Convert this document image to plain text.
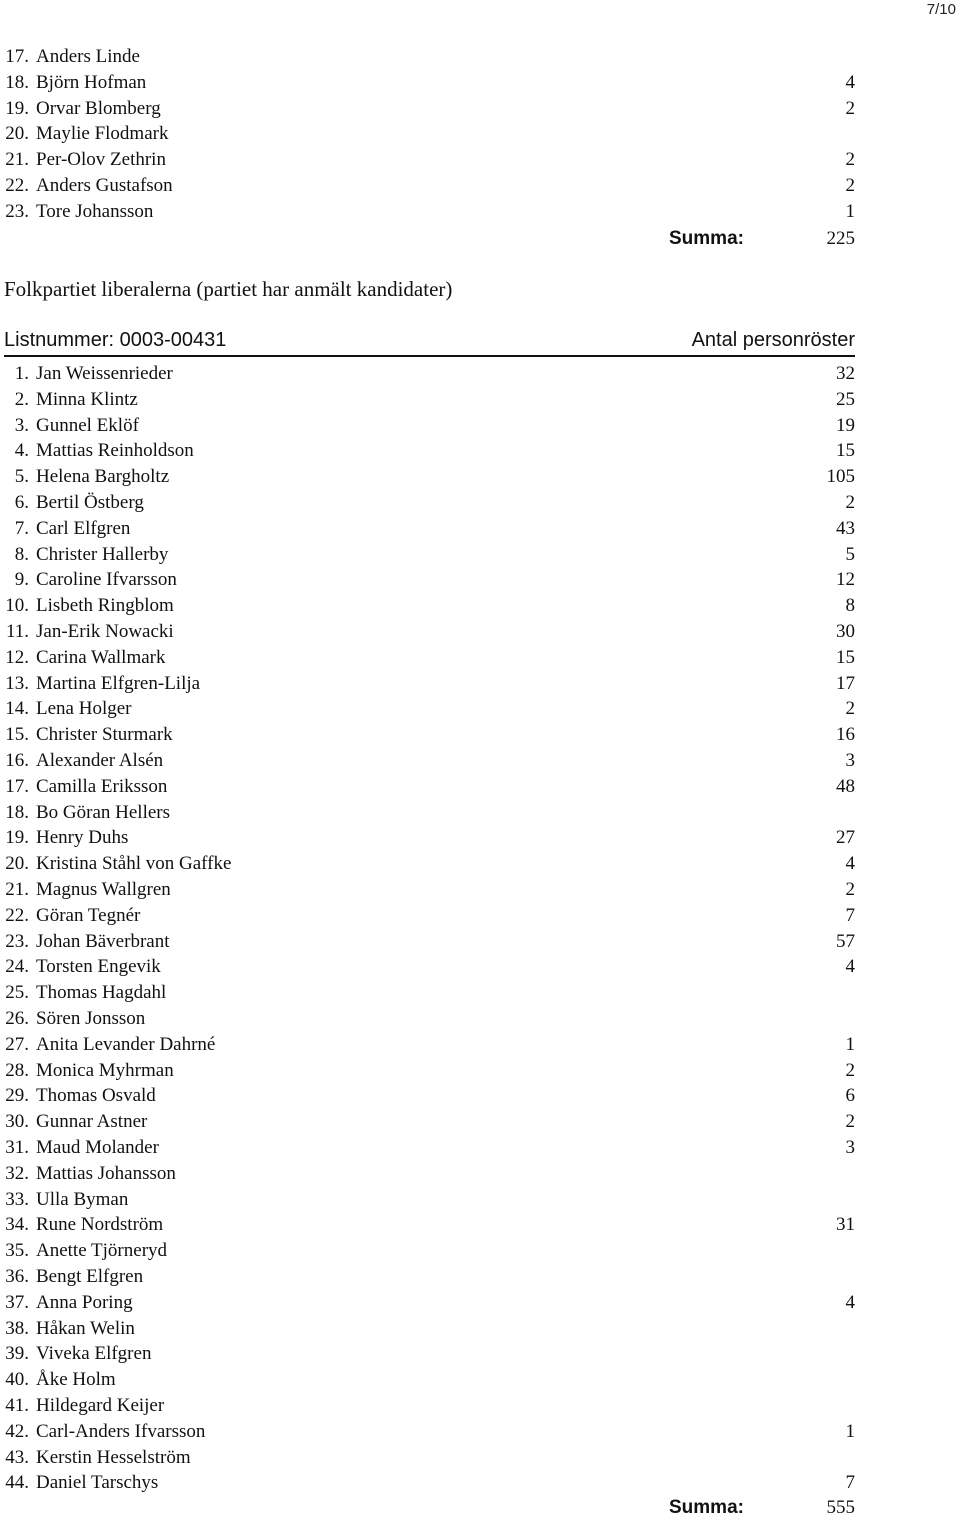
7/10
17. Anders Linde
18. Björn Hofman	4
19. Orvar Blomberg	2
20. Maylie Flodmark
21. Per-Olov Zethrin	2
22. Anders Gustafson	2
23. Tore Johansson	1
Summa:	225
Folkpartiet liberalerna (partiet har anmält kandidater)
Listnummer: 0003-00431	Antal personröster
1. Jan Weissenrieder	32
2. Minna Klintz	25
3. Gunnel Eklöf	19
4. Mattias Reinholdson	15
5. Helena Bargholtz	105
6. Bertil Östberg	2
7. Carl Elfgren	43
8. Christer Hallerby	5
9. Caroline Ifvarsson	12
10. Lisbeth Ringblom	8
11. Jan-Erik Nowacki	30
12. Carina Wallmark	15
13. Martina Elfgren-Lilja	17
14. Lena Holger	2
15. Christer Sturmark	16
16. Alexander Alsén	3
17. Camilla Eriksson	48
18. Bo Göran Hellers
19. Henry Duhs	27
20. Kristina Ståhl von Gaffke	4
21. Magnus Wallgren	2
22. Göran Tegnér	7
23. Johan Bäverbrant	57
24. Torsten Engevik	4
25. Thomas Hagdahl
26. Sören Jonsson
27. Anita Levander Dahrné	1
28. Monica Myhrman	2
29. Thomas Osvald	6
30. Gunnar Astner	2
31. Maud Molander	3
32. Mattias Johansson
33. Ulla Byman
34. Rune Nordström	31
35. Anette Tjörneryd
36. Bengt Elfgren
37. Anna Poring	4
38. Håkan Welin
39. Viveka Elfgren
40. Åke Holm
41. Hildegard Keijer
42. Carl-Anders Ifvarsson	1
43. Kerstin Hesselström
44. Daniel Tarschys	7
Summa:	555
